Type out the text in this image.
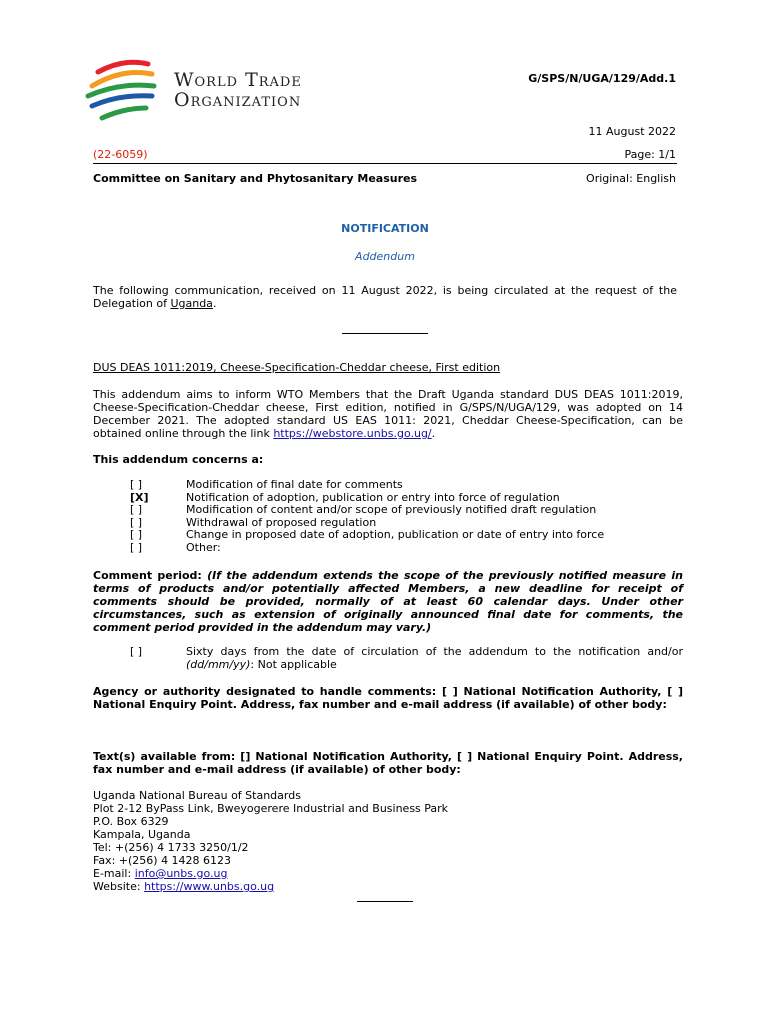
World Trade
Organization
G/SPS/N/UGA/129/Add.1
11 August 2022
(22-6059)	Page: 1/1
Committee on Sanitary and Phytosanitary Measures	Original: English
NOTIFICATION
Addendum
The following communication, received on 11 August 2022, is being circulated at the request of the Delegation of Uganda.
DUS DEAS 1011:2019, Cheese-Specification-Cheddar cheese, First edition
This addendum aims to inform WTO Members that the Draft Uganda standard DUS DEAS 1011:2019, Cheese-Specification-Cheddar cheese, First edition, notified in G/SPS/N/UGA/129, was adopted on 14 December 2021. The adopted standard US EAS 1011: 2021, Cheddar Cheese-Specification, can be obtained online through the link https://webstore.unbs.go.ug/.
This addendum concerns a:
[ ]	Modification of final date for comments
[X]	Notification of adoption, publication or entry into force of regulation
[ ]	Modification of content and/or scope of previously notified draft regulation
[ ]	Withdrawal of proposed regulation
[ ]	Change in proposed date of adoption, publication or date of entry into force
[ ]	Other:
Comment period: (If the addendum extends the scope of the previously notified measure in terms of products and/or potentially affected Members, a new deadline for receipt of comments should be provided, normally of at least 60 calendar days. Under other circumstances, such as extension of originally announced final date for comments, the comment period provided in the addendum may vary.)
[ ]	Sixty days from the date of circulation of the addendum to the notification and/or (dd/mm/yy): Not applicable
Agency or authority designated to handle comments: [ ] National Notification Authority, [ ] National Enquiry Point. Address, fax number and e-mail address (if available) of other body:
Text(s) available from: [] National Notification Authority, [ ] National Enquiry Point. Address, fax number and e-mail address (if available) of other body:
Uganda National Bureau of Standards
Plot 2-12 ByPass Link, Bweyogerere Industrial and Business Park
P.O. Box 6329
Kampala, Uganda
Tel: +(256) 4 1733 3250/1/2
Fax: +(256) 4 1428 6123
E-mail: info@unbs.go.ug
Website: https://www.unbs.go.ug
